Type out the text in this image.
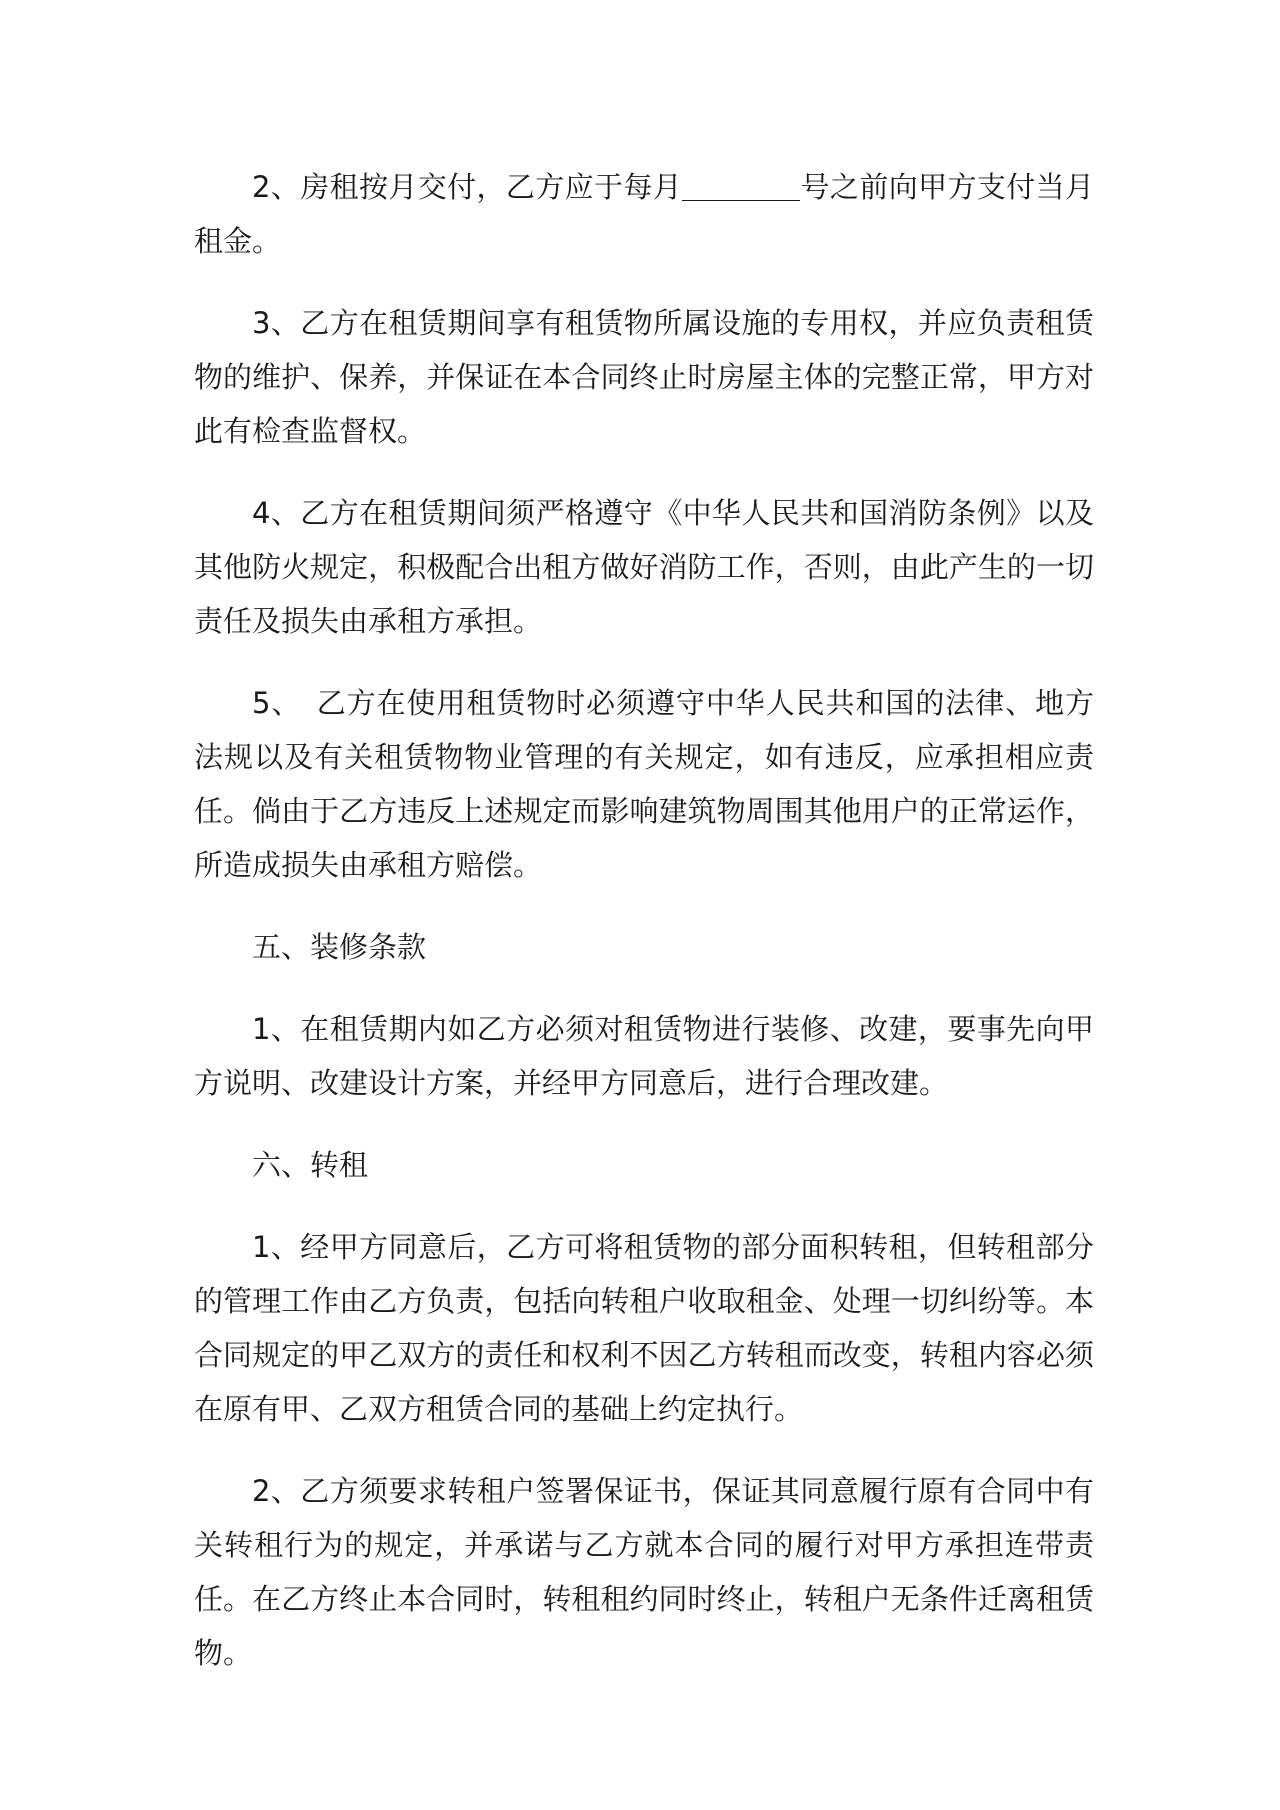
2、房租按月交付，乙方应于每月	号之前向甲方支付当月租金。

3、乙方在租赁期间享有租赁物所属设施的专用权，并应负责租赁物的维护、保养，并保证在本合同终止时房屋主体的完整正常，甲方对此有检查监督权。

4、乙方在租赁期间须严格遵守《中华人民共和国消防条例》以及其他防火规定，积极配合出租方做好消防工作，否则，由此产生的一切责任及损失由承租方承担。

5、　乙方在使用租赁物时必须遵守中华人民共和国的法律、地方法规以及有关租赁物物业管理的有关规定，如有违反，应承担相应责任。倘由于乙方违反上述规定而影响建筑物周围其他用户的正常运作，所造成损失由承租方赔偿。

五、装修条款

1、在租赁期内如乙方必须对租赁物进行装修、改建，要事先向甲方说明、改建设计方案，并经甲方同意后，进行合理改建。

六、转租

1、经甲方同意后，乙方可将租赁物的部分面积转租，但转租部分的管理工作由乙方负责，包括向转租户收取租金、处理一切纠纷等。本合同规定的甲乙双方的责任和权利不因乙方转租而改变，转租内容必须在原有甲、乙双方租赁合同的基础上约定执行。

2、乙方须要求转租户签署保证书，保证其同意履行原有合同中有关转租行为的规定，并承诺与乙方就本合同的履行对甲方承担连带责任。在乙方终止本合同时，转租租约同时终止，转租户无条件迁离租赁物。
